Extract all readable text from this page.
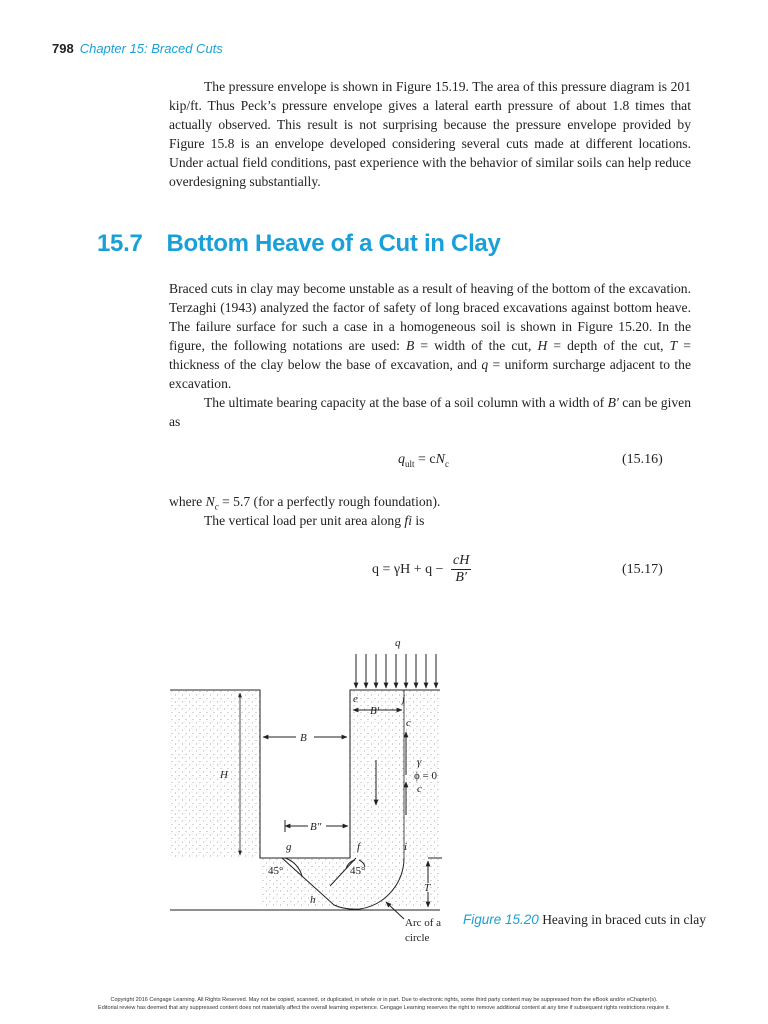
798 Chapter 15: Braced Cuts

The pressure envelope is shown in Figure 15.19. The area of this pressure diagram is 201 kip/ft. Thus Peck’s pressure envelope gives a lateral earth pressure of about 1.8 times that actually observed. This result is not surprising because the pressure envelope provided by Figure 15.8 is an envelope developed considering several cuts made at different locations. Under actual field conditions, past experience with the behavior of similar soils can help reduce overdesigning substantially.

15.7 Bottom Heave of a Cut in Clay

Braced cuts in clay may become unstable as a result of heaving of the bottom of the excavation. Terzaghi (1943) analyzed the factor of safety of long braced excavations against bottom heave. The failure surface for such a case in a homogeneous soil is shown in Figure 15.20. In the figure, the following notations are used: B = width of the cut, H = depth of the cut, T = thickness of the clay below the base of excavation, and q = uniform surcharge adjacent to the excavation.

The ultimate bearing capacity at the base of a soil column with a width of B′ can be given as

$q_{ult} = cN_c$	(15.16)

where $N_c = 5.7$ (for a perfectly rough foundation).

The vertical load per unit area along fi is

$q = \gamma H + q - \frac{cH}{B'}$	(15.17)
q
B′
e	j
c
B
H
γ
ϕ = 0
c
B″
g	f	i
T
45°	45°
h
Arc of a
circle
Figure 15.20 Heaving in braced cuts in clay
Copyright 2016 Cengage Learning. All Rights Reserved. May not be copied, scanned, or duplicated, in whole or in part. Due to electronic rights, some third party content may be suppressed from the eBook and/or eChapter(s).
Editorial review has deemed that any suppressed content does not materially affect the overall learning experience. Cengage Learning reserves the right to remove additional content at any time if subsequent rights restrictions require it.
